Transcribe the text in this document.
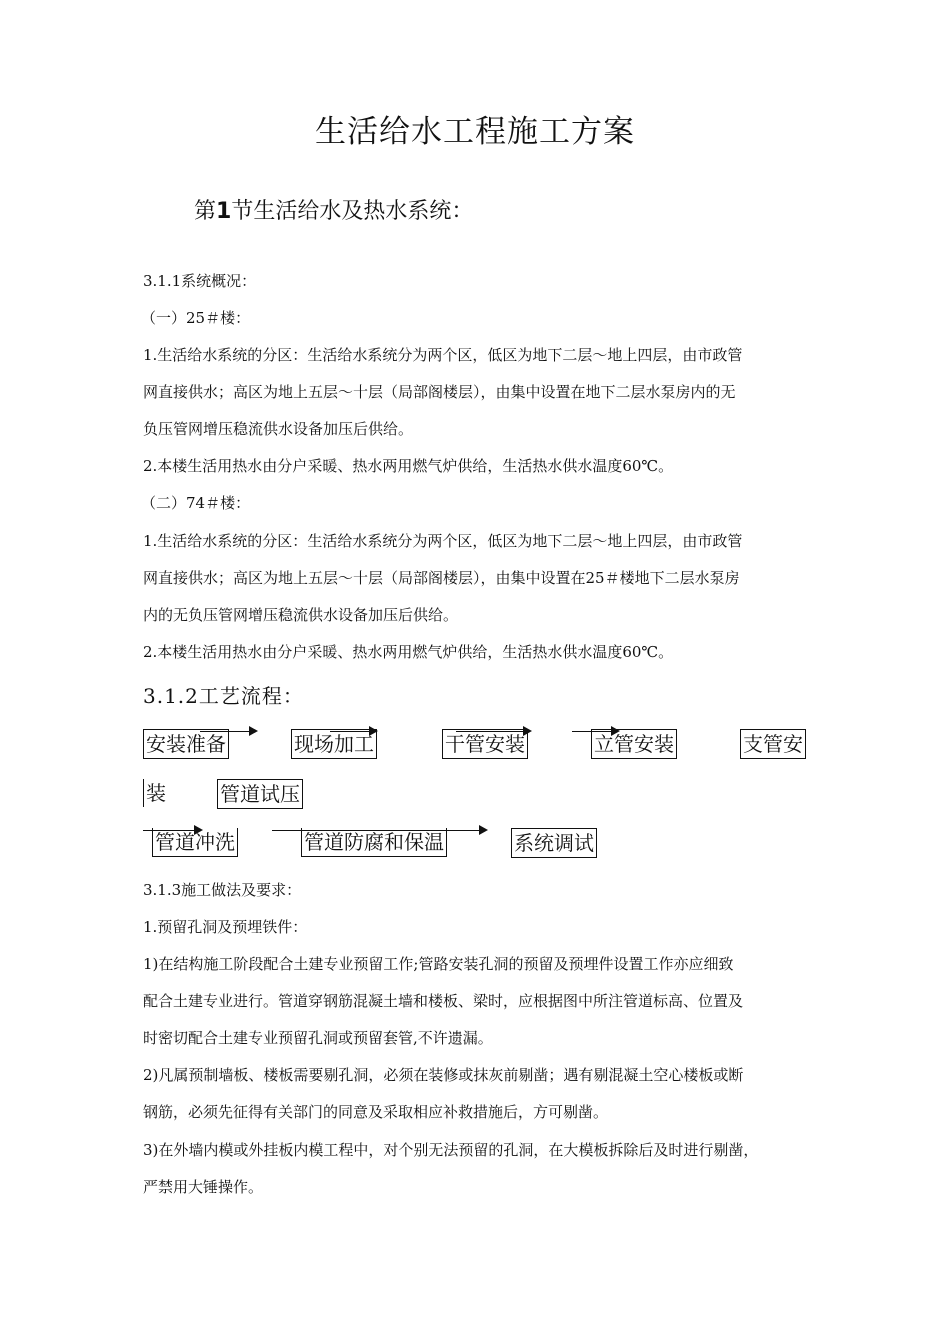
生活给水工程施工方案
第1节生活给水及热水系统：
3.1.1系统概况：
（一）25＃楼：
1.生活给水系统的分区：生活给水系统分为两个区，低区为地下二层～地上四层，由市政管
网直接供水；高区为地上五层～十层（局部阁楼层），由集中设置在地下二层水泵房内的无
负压管网增压稳流供水设备加压后供给。
2.本楼生活用热水由分户采暖、热水两用燃气炉供给，生活热水供水温度60℃。
（二）74＃楼：
1.生活给水系统的分区：生活给水系统分为两个区，低区为地下二层～地上四层，由市政管
网直接供水；高区为地上五层～十层（局部阁楼层），由集中设置在25＃楼地下二层水泵房
内的无负压管网增压稳流供水设备加压后供给。
2.本楼生活用热水由分户采暖、热水两用燃气炉供给，生活热水供水温度60℃。
3.1.2工艺流程：
安装准备	现场加工	干管安装	立管安装	支管安
装	管道试压
管道冲洗	管道防腐和保温	系统调试
3.1.3施工做法及要求：
1.预留孔洞及预埋铁件：
1)在结构施工阶段配合土建专业预留工作;管路安装孔洞的预留及预埋件设置工作亦应细致
配合土建专业进行。管道穿钢筋混凝土墙和楼板、梁时，应根据图中所注管道标高、位置及
时密切配合土建专业预留孔洞或预留套管,不许遗漏。
2)凡属预制墙板、楼板需要剔孔洞，必须在装修或抹灰前剔凿；遇有剔混凝土空心楼板或断
钢筋，必须先征得有关部门的同意及采取相应补救措施后，方可剔凿。
3)在外墙内模或外挂板内模工程中，对个别无法预留的孔洞，在大模板拆除后及时进行剔凿，
严禁用大锤操作。
